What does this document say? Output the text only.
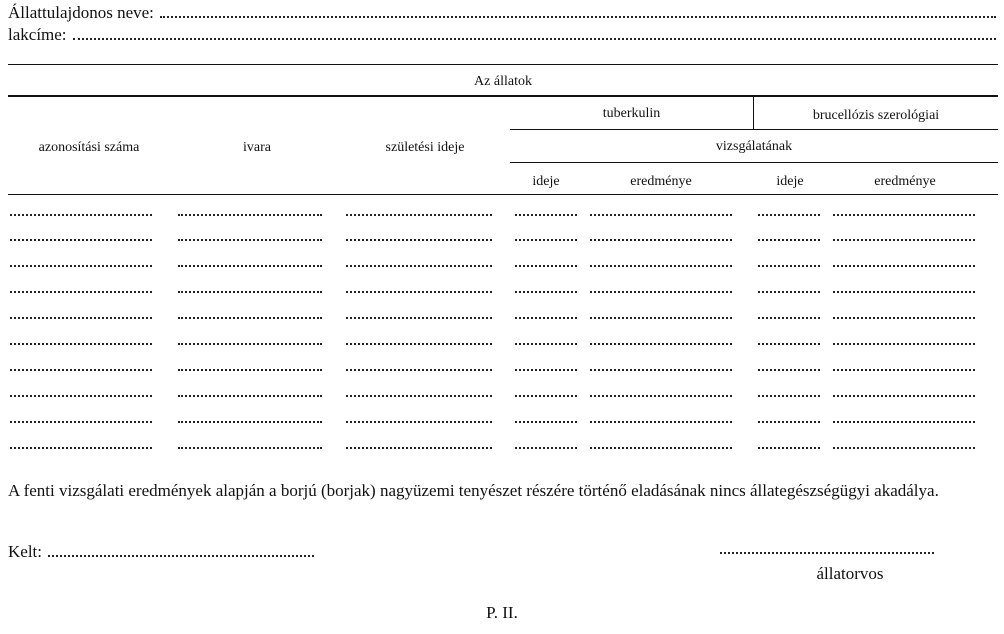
Állattulajdonos neve:
lakcíme:
Az állatok
azonosítási száma	ivara	születési ideje
tuberkulin	brucellózis szerológiai
vizsgálatának
ideje	eredménye	ideje	eredménye
A fenti vizsgálati eredmények alapján a borjú (borjak) nagyüzemi tenyészet részére történő eladásának nincs állategészségügyi akadálya.
Kelt:
állatorvos
P. II.
